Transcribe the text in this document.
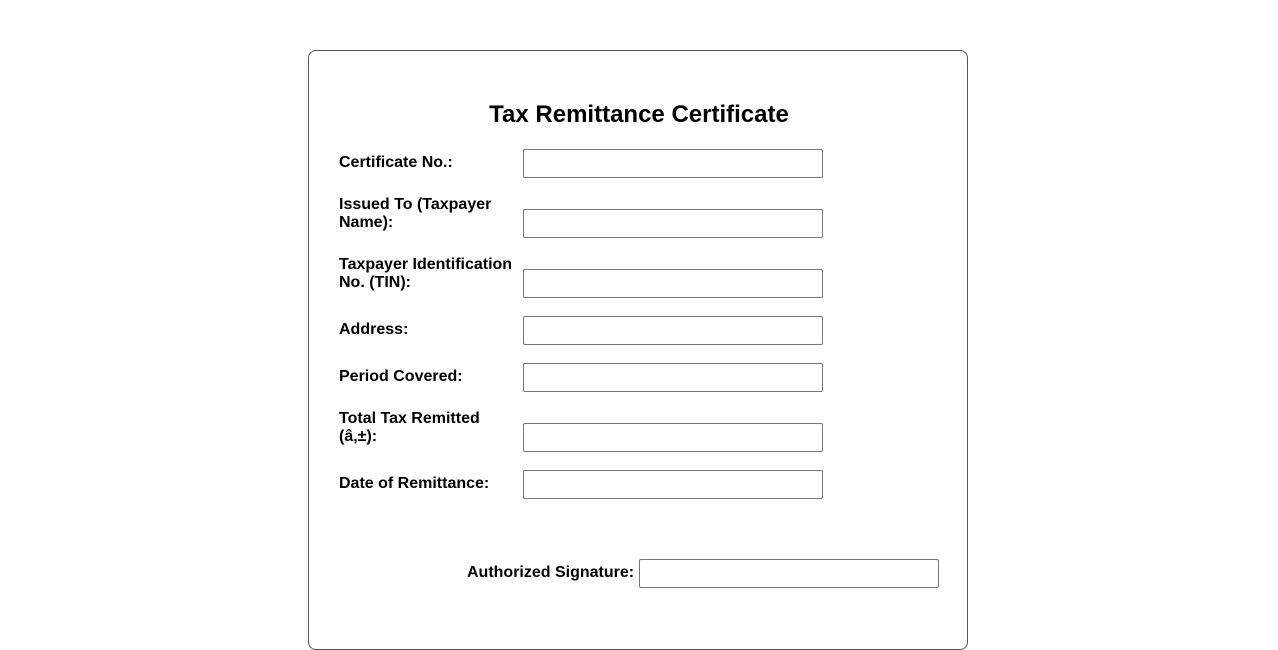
Tax Remittance Certificate
Certificate No.:
Issued To (Taxpayer Name):
Taxpayer Identification No. (TIN):
Address:
Period Covered:
Total Tax Remitted (â‚±):
Date of Remittance:
Authorized Signature:
